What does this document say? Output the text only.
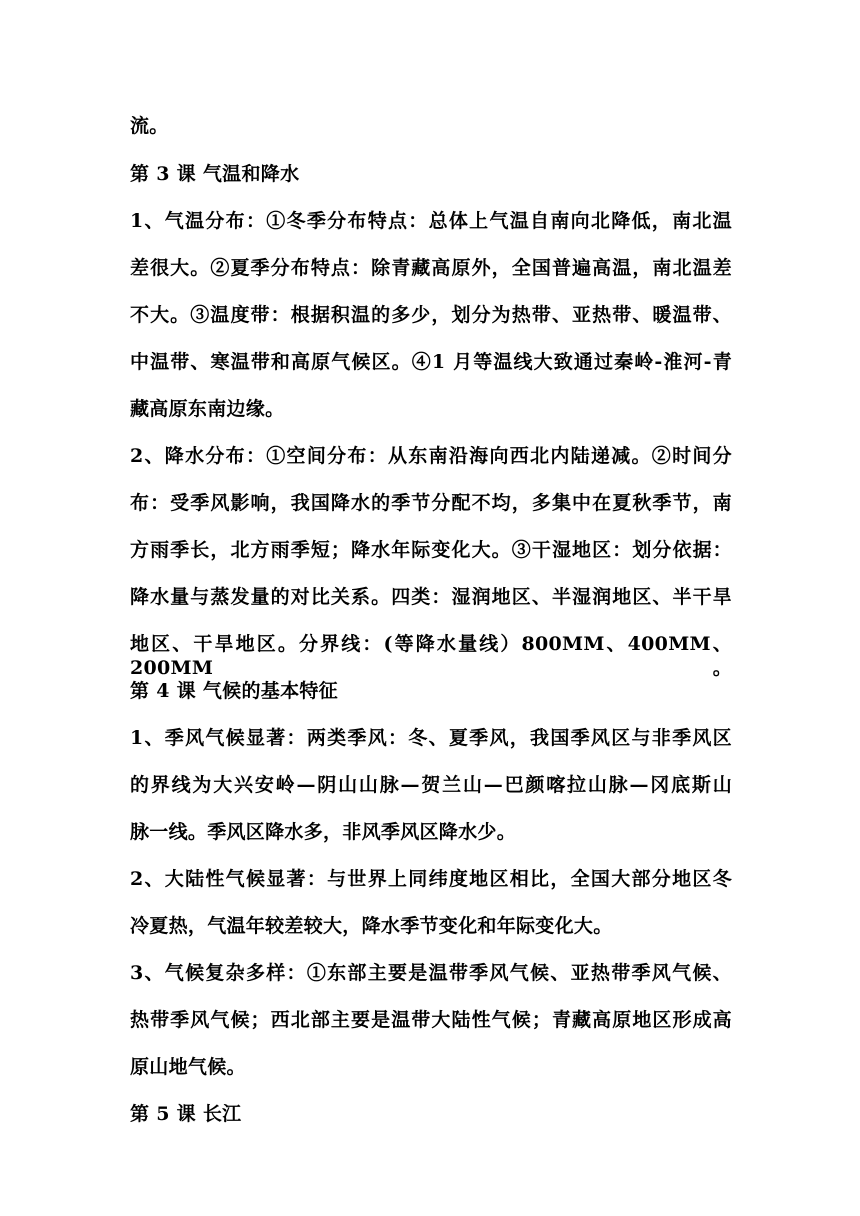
流。
第 3 课 气温和降水
1、气温分布：①冬季分布特点：总体上气温自南向北降低，南北温
差很大。②夏季分布特点：除青藏高原外，全国普遍高温，南北温差
不大。③温度带：根据积温的多少，划分为热带、亚热带、暖温带、
中温带、寒温带和高原气候区。④1 月等温线大致通过秦岭-淮河-青
藏高原东南边缘。
2、降水分布：①空间分布：从东南沿海向西北内陆递减。②时间分
布：受季风影响，我国降水的季节分配不均，多集中在夏秋季节，南
方雨季长，北方雨季短；降水年际变化大。③干湿地区：划分依据：
降水量与蒸发量的对比关系。四类：湿润地区、半湿润地区、半干旱
地区、干旱地区。分界线：(等降水量线）800MM、400MM、200MM。
第 4 课 气候的基本特征
1、季风气候显著：两类季风：冬、夏季风，我国季风区与非季风区
的界线为大兴安岭—阴山山脉—贺兰山—巴颜喀拉山脉—冈底斯山
脉一线。季风区降水多，非风季风区降水少。
2、大陆性气候显著：与世界上同纬度地区相比，全国大部分地区冬
冷夏热，气温年较差较大，降水季节变化和年际变化大。
3、气候复杂多样：①东部主要是温带季风气候、亚热带季风气候、
热带季风气候；西北部主要是温带大陆性气候；青藏高原地区形成高
原山地气候。
第 5 课 长江
